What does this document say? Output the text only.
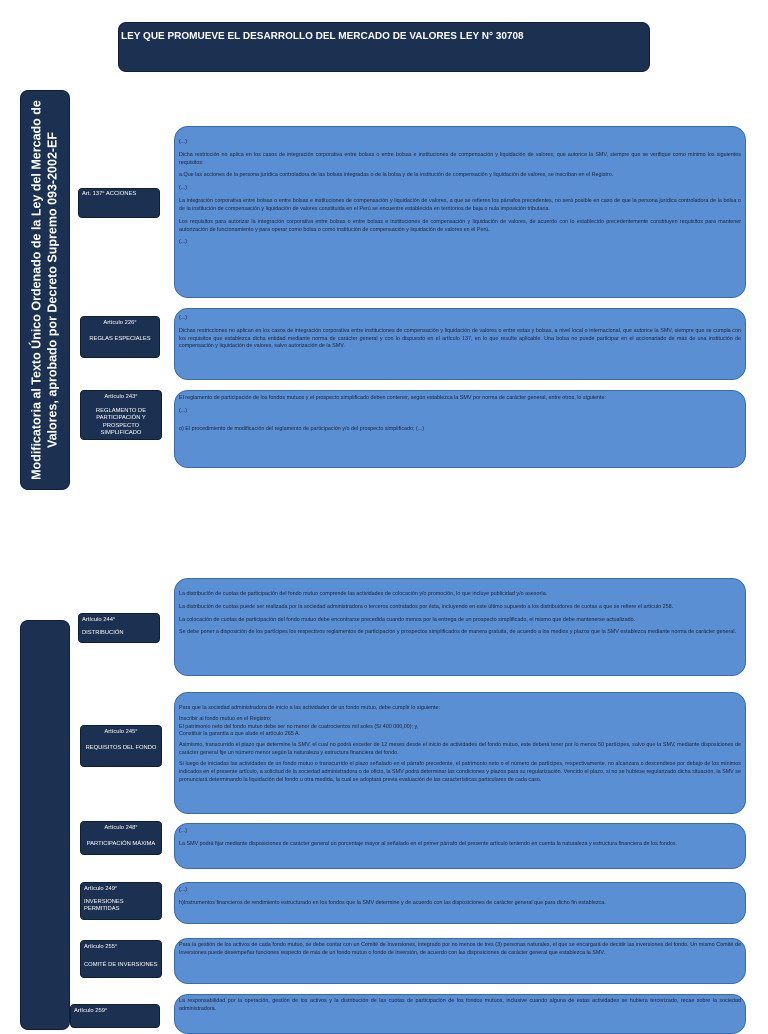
LEY QUE PROMUEVE EL DESARROLLO DEL MERCADO DE VALORES LEY N° 30708
Modificatoria al Texto Único Ordenado de la Ley del Mercado de Valores, aprobado por Decreto Supremo 093-2002-EF	Art. 137° ACCIONES

(...)

Dicha restricción no aplica en los casos de integración corporativa entre bolsas o entre bolsas e instituciones de compensación y liquidación de valores, que autorice la SMV, siempre que se verifique como mínimo los siguientes requisitos:

a.Que las acciones de la persona jurídica controladora de las bolsas integradas o de la bolsa y de la institución de compensación y liquidación de valores, se inscriban en el Registro.

(...)

La integración corporativa entre bolsas o entre bolsas e instituciones de compensación y liquidación de valores, a que se refieren los párrafos precedentes, no será posible en caso de que la persona jurídica controladora de la bolsa o de la institución de compensación y liquidación de valores constituida en el Perú se encuentre establecida en territorios de baja o nula imposición tributaria.

Los requisitos para autorizar la integración corporativa entre bolsas o entre bolsas e instituciones de compensación y liquidación de valores, de acuerdo con lo establecido precedentemente constituyen requisitos para mantener autorización de funcionamiento y para operar como bolsa o como institución de compensación y liquidación de valores en el Perú.

(...)

Artículo 226°
REGLAS ESPECIALES

(...)

Dichas restricciones no aplican en los casos de integración corporativa entre instituciones de compensación y liquidación de valores o entre estas y bolsas, a nivel local o internacional, que autorice la SMV, siempre que se cumpla con los requisitos que establezca dicha entidad mediante norma de carácter general y con lo dispuesto en el artículo 137, en lo que resulte aplicable. Una bolsa no puede participar en el accionariado de más de una institución de compensación y liquidación de valores, salvo autorización de la SMV.

Artículo 243°
REGLAMENTO DE PARTICIPACIÓN Y PROSPECTO SIMPLIFICADO

El reglamento de participación de los fondos mutuos y el prospecto simplificado deben contener, según establezca la SMV por norma de carácter general, entre otros, lo siguiente:

(...)

o) El procedimiento de modificación del reglamento de participación y/o del prospecto simplificado; (...)

Artículo 244°
DISTRIBUCIÓN

La distribución de cuotas de participación del fondo mutuo comprende las actividades de colocación y/o promoción, lo que incluye publicidad y/o asesoría.

La distribución de cuotas puede ser realizada por la sociedad administradora o terceros contratados por ésta, incluyendo en este último supuesto a los distribuidores de cuotas a que se refiere el artículo 258.

La colocación de cuotas de participación del fondo mutuo debe encontrarse precedida cuando menos por la entrega de un prospecto simplificado, el mismo que debe mantenerse actualizado.

Se debe poner a disposición de los partícipes los respectivos reglamentos de participación y prospectos simplificados de manera gratuita, de acuerdo a los medios y plazos que la SMV establezca mediante norma de carácter general.

Artículo 245°
REQUISITOS DEL FONDO

Para que la sociedad administradora de inicio a las actividades de un fondo mutuo, debe cumplir lo siguiente:

Inscribir al fondo mutuo en el Registro;
El patrimonio neto del fondo mutuo debe ser no menor de cuatrocientos mil soles (S/ 400 000,00); y,
Constituir la garantía a que alude el artículo 265 A.

Asimismo, transcurrido el plazo que determine la SMV, el cual no podrá exceder de 12 meses desde el inicio de actividades del fondo mutuo, este deberá tener por lo menos 50 partícipes, salvo que la SMV, mediante disposiciones de carácter general fije un número menor según la naturaleza y estructura financiera del fondo.

Si luego de iniciadas las actividades de un fondo mutuo o transcurrido el plazo señalado en el párrafo precedente, el patrimonio neto o el número de partícipes, respectivamente, no alcanzara o descendiese por debajo de los mínimos indicados en el presente artículo, a solicitud de la sociedad administradora o de oficio, la SMV podrá determinar las condiciones y plazos para su regularización. Vencido el plazo, si no se hubiese regularizado dicha situación, la SMV se pronunciará determinando la liquidación del fondo u otra medida, la cual se adoptará previa evaluación de las características particulares de cada caso.

Artículo 248°
PARTICIPACIÓN MÁXIMA

(...)

La SMV podrá fijar mediante disposiciones de carácter general un porcentaje mayor al señalado en el primer párrafo del presente artículo teniendo en cuenta la naturaleza y estructura financiera de los fondos.

Artículo 249°
INVERSIONES PERMITIDAS

(...)

h)Instrumentos financieros de rendimiento estructurado en los fondos que la SMV determine y de acuerdo con las disposiciones de carácter general que para dicho fin establezca.

Artículo 255°
COMITÉ DE INVERSIONES

Para la gestión de los activos de cada fondo mutuo, se debe contar con un Comité de Inversiones, integrado por no menos de tres (3) personas naturales, el que se encargará de decidir las inversiones del fondo. Un mismo Comité de Inversiones puede desempeñar funciones respecto de más de un fondo mutuo o fondo de inversión, de acuerdo con las disposiciones de carácter general que establezca la SMV.

Artículo 259°

La responsabilidad por la operación, gestión de los activos y la distribución de las cuotas de participación de los fondos mutuos, inclusive cuando alguna de estas actividades se hubiera tercerizado, recae sobre la sociedad administradora.
